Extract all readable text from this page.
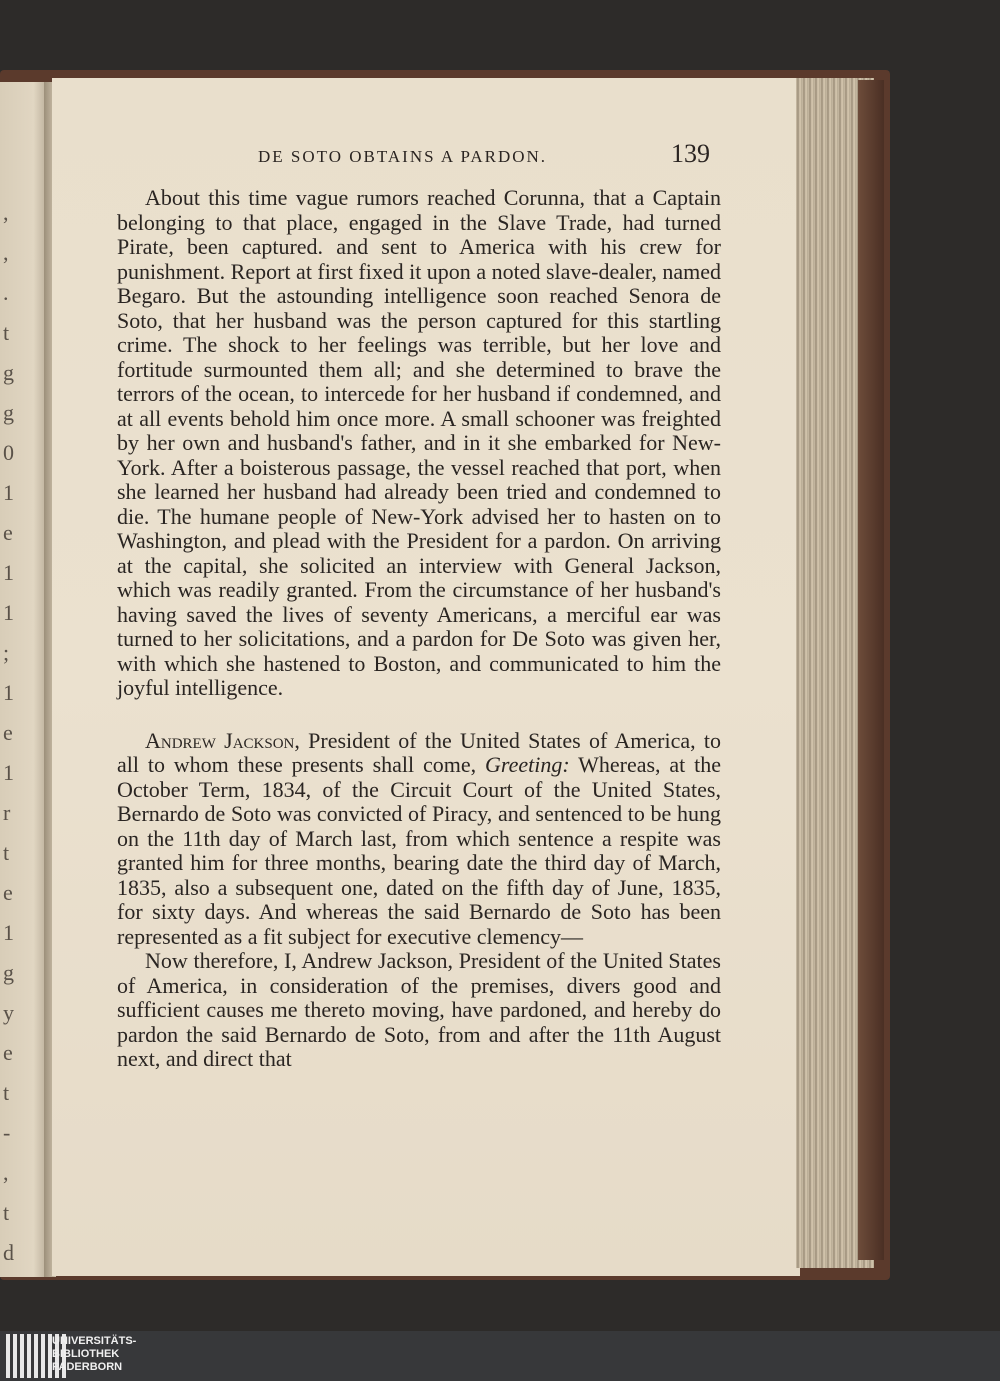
,
,
.
t
g
g
0
1
e
1
1
;
1
e
1
r
t
e
1
g
y
e
t
-
,
t
d
DE SOTO OBTAINS A PARDON.	139

About this time vague rumors reached Corunna, that a Captain belonging to that place, engaged in the Slave Trade, had turned Pirate, been captured. and sent to America with his crew for punishment. Report at first fixed it upon a noted slave-dealer, named Begaro. But the astounding intelligence soon reached Senora de Soto, that her husband was the person captured for this startling crime. The shock to her feelings was terrible, but her love and fortitude surmounted them all; and she determined to brave the terrors of the ocean, to intercede for her husband if condemned, and at all events behold him once more. A small schooner was freighted by her own and husband's father, and in it she embarked for New-York. After a boisterous passage, the vessel reached that port, when she learned her husband had already been tried and condemned to die. The humane people of New-York advised her to hasten on to Washington, and plead with the President for a pardon. On arriving at the capital, she solicited an interview with General Jackson, which was readily granted. From the circumstance of her husband's having saved the lives of seventy Americans, a merciful ear was turned to her solicitations, and a pardon for De Soto was given her, with which she hastened to Boston, and communicated to him the joyful intelligence.

Andrew Jackson, President of the United States of America, to all to whom these presents shall come, Greeting: Whereas, at the October Term, 1834, of the Circuit Court of the United States, Bernardo de Soto was convicted of Piracy, and sentenced to be hung on the 11th day of March last, from which sentence a respite was granted him for three months, bearing date the third day of March, 1835, also a subsequent one, dated on the fifth day of June, 1835, for sixty days. And whereas the said Bernardo de Soto has been represented as a fit subject for executive clemency—

Now therefore, I, Andrew Jackson, President of the United States of America, in consideration of the premises, divers good and sufficient causes me thereto moving, have pardoned, and hereby do pardon the said Bernardo de Soto, from and after the 11th August next, and direct that

UNIVERSITÄTS-
BIBLIOTHEK
PADERBORN
